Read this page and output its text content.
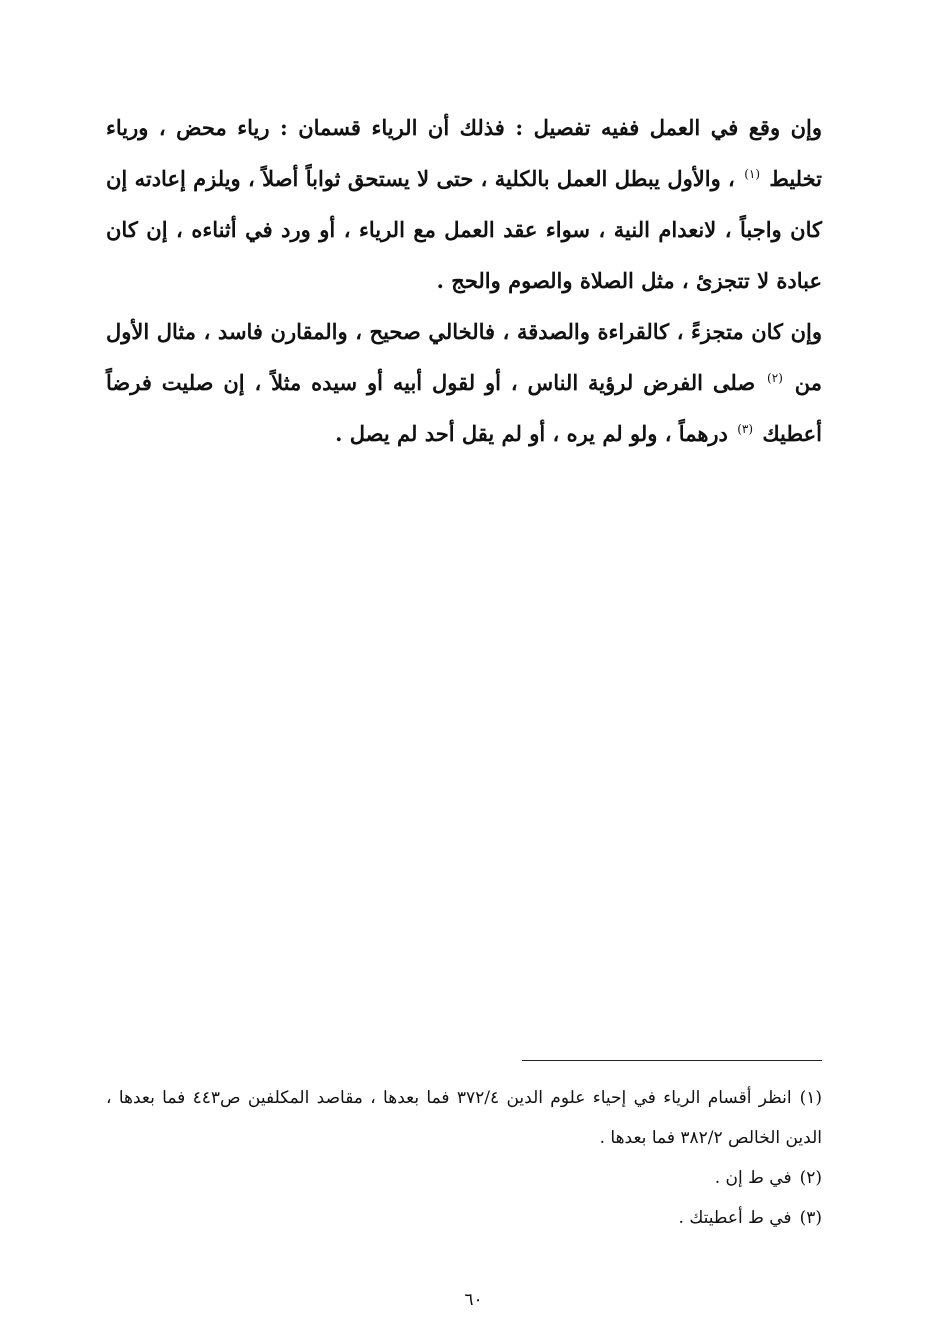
وإن وقع في العمل ففيه تفصيل : فذلك أن الرياء قسمان : رياء محض ، ورياء تخليط $^{(١)}$ ، والأول يبطل العمل بالكلية ، حتى لا يستحق ثواباً أصلاً ، ويلزم إعادته إن كان واجباً ، لانعدام النية ، سواء عقد العمل مع الرياء ، أو ورد في أثناءه ، إن كان عبادة لا تتجزئ ، مثل الصلاة والصوم والحج .

وإن كان متجزءً ، كالقراءة والصدقة ، فالخالي صحيح ، والمقارن فاسد ، مثال الأول من $^{(٢)}$ صلى الفرض لرؤية الناس ، أو لقول أبيه أو سيده مثلاً ، إن صليت فرضاً أعطيك $^{(٣)}$ درهماً ، ولو لم يره ، أو لم يقل أحد لم يصل .

(١)انظر أقسام الرياء في إحياء علوم الدين ٣٧٢/٤ فما بعدها ، مقاصد المكلفين ص٤٤٣ فما بعدها ، الدين الخالص ٣٨٢/٢ فما بعدها .

(٢)في ط إن .

(٣)في ط أعطيتك .

٦٠
